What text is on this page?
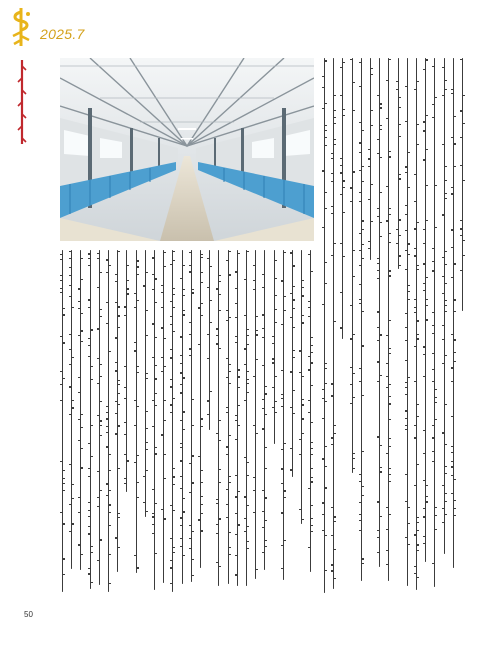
2025.7
50
